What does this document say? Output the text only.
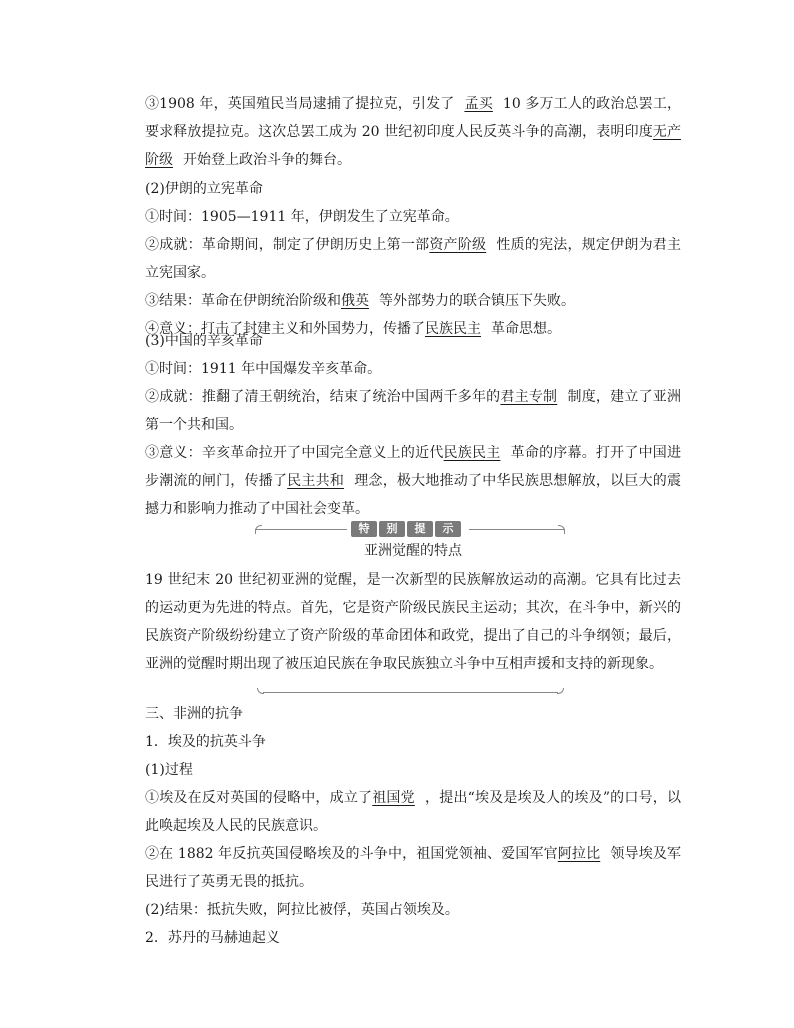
③1908 年，英国殖民当局逮捕了提拉克，引发了 孟买 10 多万工人的政治总罢工，要求释放提拉克。这次总罢工成为 20 世纪初印度人民反英斗争的高潮，表明印度无产阶级 开始登上政治斗争的舞台。

(2)伊朗的立宪革命

①时间：1905—1911 年，伊朗发生了立宪革命。

②成就：革命期间，制定了伊朗历史上第一部资产阶级 性质的宪法，规定伊朗为君主立宪国家。

③结果：革命在伊朗统治阶级和俄英 等外部势力的联合镇压下失败。

④意义：打击了封建主义和外国势力，传播了民族民主 革命思想。

(3)中国的辛亥革命

①时间：1911 年中国爆发辛亥革命。

②成就：推翻了清王朝统治，结束了统治中国两千多年的君主专制 制度，建立了亚洲第一个共和国。

③意义：辛亥革命拉开了中国完全意义上的近代民族民主 革命的序幕。打开了中国进步潮流的闸门，传播了民主共和 理念，极大地推动了中华民族思想解放，以巨大的震撼力和影响力推动了中国社会变革。

特	别	提	示
亚洲觉醒的特点

19 世纪末 20 世纪初亚洲的觉醒，是一次新型的民族解放运动的高潮。它具有比过去的运动更为先进的特点。首先，它是资产阶级民族民主运动；其次，在斗争中，新兴的民族资产阶级纷纷建立了资产阶级的革命团体和政党，提出了自己的斗争纲领；最后，亚洲的觉醒时期出现了被压迫民族在争取民族独立斗争中互相声援和支持的新现象。

三、非洲的抗争

1．埃及的抗英斗争

(1)过程

①埃及在反对英国的侵略中，成立了祖国党 ，提出“埃及是埃及人的埃及”的口号，以此唤起埃及人民的民族意识。

②在 1882 年反抗英国侵略埃及的斗争中，祖国党领袖、爱国军官阿拉比 领导埃及军民进行了英勇无畏的抵抗。

(2)结果：抵抗失败，阿拉比被俘，英国占领埃及。

2．苏丹的马赫迪起义
